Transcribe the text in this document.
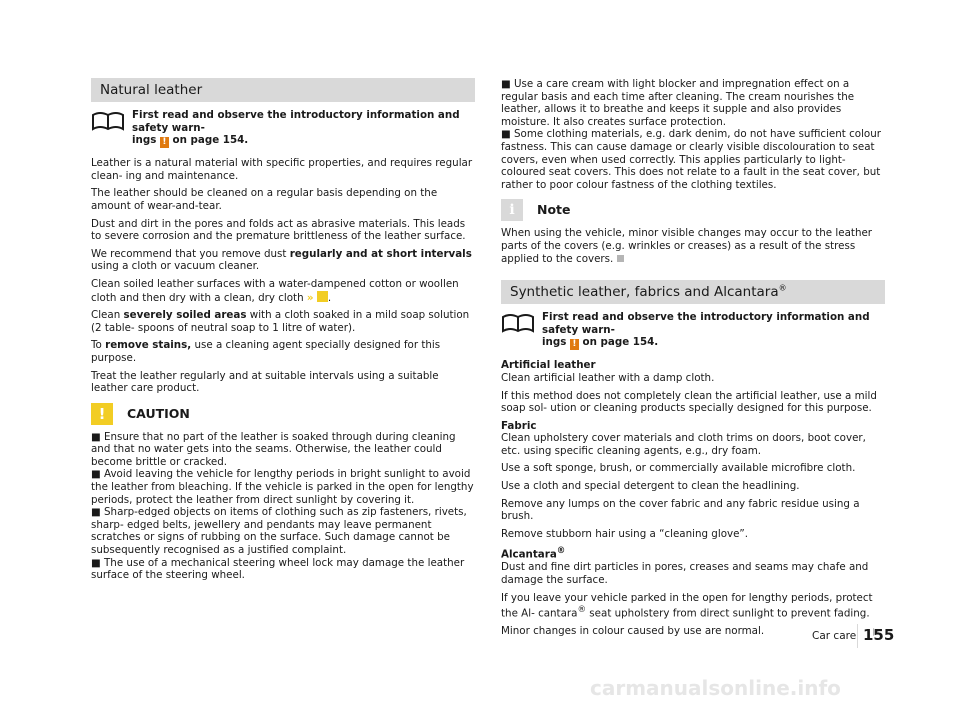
Natural leather
First read and observe the introductory information and safety warn-
ings ! on page 154.

Leather is a natural material with specific properties, and requires regular clean- ing and maintenance.

The leather should be cleaned on a regular basis depending on the amount of wear-and-tear.

Dust and dirt in the pores and folds act as abrasive materials. This leads to severe corrosion and the premature brittleness of the leather surface.

We recommend that you remove dust regularly and at short intervals using a cloth or vacuum cleaner.

Clean soiled leather surfaces with a water-dampened cotton or woollen cloth and then dry with a clean, dry cloth » .

Clean severely soiled areas with a cloth soaked in a mild soap solution (2 table- spoons of neutral soap to 1 litre of water).

To remove stains, use a cleaning agent specially designed for this purpose.

Treat the leather regularly and at suitable intervals using a suitable leather care product.

!	CAUTION

■ Ensure that no part of the leather is soaked through during cleaning and that no water gets into the seams. Otherwise, the leather could become brittle or cracked.

■ Avoid leaving the vehicle for lengthy periods in bright sunlight to avoid the leather from bleaching. If the vehicle is parked in the open for lengthy periods, protect the leather from direct sunlight by covering it.

■ Sharp-edged objects on items of clothing such as zip fasteners, rivets, sharp- edged belts, jewellery and pendants may leave permanent scratches or signs of rubbing on the surface. Such damage cannot be subsequently recognised as a justified complaint.

■ The use of a mechanical steering wheel lock may damage the leather surface of the steering wheel.

■ Use a care cream with light blocker and impregnation effect on a regular basis and each time after cleaning. The cream nourishes the leather, allows it to breathe and keeps it supple and also provides moisture. It also creates surface protection.

■ Some clothing materials, e.g. dark denim, do not have sufficient colour fastness. This can cause damage or clearly visible discolouration to seat covers, even when used correctly. This applies particularly to light-coloured seat covers. This does not relate to a fault in the seat cover, but rather to poor colour fastness of the clothing textiles.

i	Note

When using the vehicle, minor visible changes may occur to the leather parts of the covers (e.g. wrinkles or creases) as a result of the stress applied to the covers.

Synthetic leather, fabrics and Alcantara®
First read and observe the introductory information and safety warn-
ings ! on page 154.

Artificial leather

Clean artificial leather with a damp cloth.

If this method does not completely clean the artificial leather, use a mild soap sol- ution or cleaning products specially designed for this purpose.

Fabric

Clean upholstery cover materials and cloth trims on doors, boot cover, etc. using specific cleaning agents, e.g., dry foam.

Use a soft sponge, brush, or commercially available microfibre cloth.

Use a cloth and special detergent to clean the headlining.

Remove any lumps on the cover fabric and any fabric residue using a brush.

Remove stubborn hair using a “cleaning glove”.

Alcantara®

Dust and fine dirt particles in pores, creases and seams may chafe and damage the surface.

If you leave your vehicle parked in the open for lengthy periods, protect the Al- cantara® seat upholstery from direct sunlight to prevent fading.

Minor changes in colour caused by use are normal.	Car care 155
carmanualsonline.info
